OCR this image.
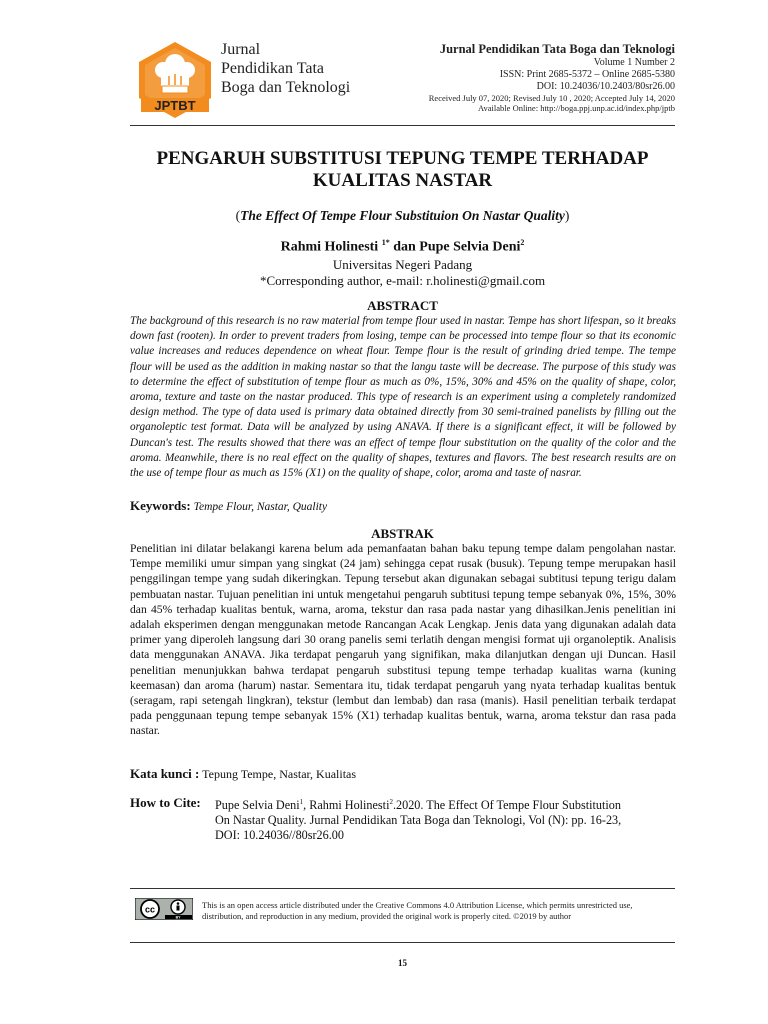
JPTBT
Jurnal
Pendidikan Tata
Boga dan Teknologi
Jurnal Pendidikan Tata Boga dan Teknologi
Volume 1 Number 2
ISSN: Print 2685-5372 – Online 2685-5380
DOI: 10.24036/10.2403/80sr26.00
Received July 07, 2020; Revised July 10 , 2020; Accepted July 14, 2020
Available Online: http://boga.ppj.unp.ac.id/index.php/jptb
PENGARUH SUBSTITUSI TEPUNG TEMPE TERHADAP
KUALITAS NASTAR
(The Effect Of Tempe Flour Substituion On Nastar Quality)
Rahmi Holinesti $^{1*}$ dan Pupe Selvia Deni$^2$
Universitas Negeri Padang
*Corresponding author, e-mail: r.holinesti@gmail.com
ABSTRACT

The background of this research is no raw material from tempe flour used in nastar. Tempe has short lifespan, so it breaks down fast (rooten). In order to prevent traders from losing, tempe can be processed into tempe flour so that its economic value increases and reduces dependence on wheat flour. Tempe flour is the result of grinding dried tempe. The tempe flour will be used as the addition in making nastar so that the langu taste will be decrease. The purpose of this study was to determine the effect of substitution of tempe flour as much as 0%, 15%, 30% and 45% on the quality of shape, color, aroma, texture and taste on the nastar produced. This type of research is an experiment using a completely randomized design method. The type of data used is primary data obtained directly from 30 semi-trained panelists by filling out the organoleptic test format. Data will be analyzed by using ANAVA. If there is a significant effect, it will be followed by Duncan's test. The results showed that there was an effect of tempe flour substitution on the quality of the color and the aroma. Meanwhile, there is no real effect on the quality of shapes, textures and flavors. The best research results are on the use of tempe flour as much as 15% (X1) on the quality of shape, color, aroma and taste of nasrar.

Keywords: Tempe Flour, Nastar, Quality
ABSTRAK

Penelitian ini dilatar belakangi karena belum ada pemanfaatan bahan baku tepung tempe dalam pengolahan nastar. Tempe memiliki umur simpan yang singkat (24 jam) sehingga cepat rusak (busuk). Tepung tempe merupakan hasil penggilingan tempe yang sudah dikeringkan. Tepung tersebut akan digunakan sebagai subtitusi tepung terigu dalam pembuatan nastar. Tujuan penelitian ini untuk mengetahui pengaruh subtitusi tepung tempe sebanyak 0%, 15%, 30% dan 45% terhadap kualitas bentuk, warna, aroma, tekstur dan rasa pada nastar yang dihasilkan.Jenis penelitian ini adalah eksperimen dengan menggunakan metode Rancangan Acak Lengkap. Jenis data yang digunakan adalah data primer yang diperoleh langsung dari 30 orang panelis semi terlatih dengan mengisi format uji organoleptik. Analisis data menggunakan ANAVA. Jika terdapat pengaruh yang signifikan, maka dilanjutkan dengan uji Duncan. Hasil penelitian menunjukkan bahwa terdapat pengaruh substitusi tepung tempe terhadap kualitas warna (kuning keemasan) dan aroma (harum) nastar. Sementara itu, tidak terdapat pengaruh yang nyata terhadap kualitas bentuk (seragam, rapi setengah lingkran), tekstur (lembut dan lembab) dan rasa (manis). Hasil penelitian terbaik terdapat pada penggunaan tepung tempe sebanyak 15% (X1) terhadap kualitas bentuk, warna, aroma tekstur dan rasa pada nastar.

Kata kunci : Tepung Tempe, Nastar, Kualitas
How to Cite: Pupe Selvia Deni$^1$, Rahmi Holinesti$^2$.2020. The Effect Of Tempe Flour Substitution
On Nastar Quality. Jurnal Pendidikan Tata Boga dan Teknologi, Vol (N): pp. 16-23,
DOI: 10.24036//80sr26.00
cc
BY
This is an open access article distributed under the Creative Commons 4.0 Attribution License, which permits unrestricted use, distribution, and reproduction in any medium, provided the original work is properly cited. ©2019 by author
15
